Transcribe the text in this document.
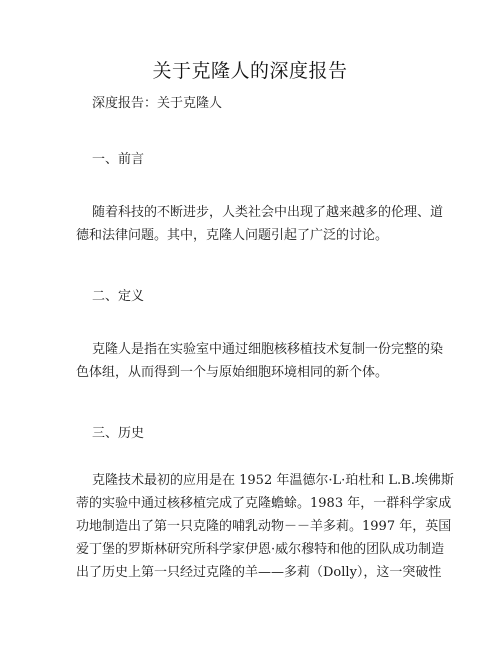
关于克隆人的深度报告
深度报告：关于克隆人
一、前言
随着科技的不断进步，人类社会中出现了越来越多的伦理、道
德和法律问题。其中，克隆人问题引起了广泛的讨论。
二、定义
克隆人是指在实验室中通过细胞核移植技术复制一份完整的染
色体组，从而得到一个与原始细胞环境相同的新个体。
三、历史
克隆技术最初的应用是在 1952 年温德尔·L·珀杜和 L.B.埃佛斯
蒂的实验中通过核移植完成了克隆蟾蜍。1983 年，一群科学家成
功地制造出了第一只克隆的哺乳动物－－羊多莉。1997 年，英国
爱丁堡的罗斯林研究所科学家伊恩·威尔穆特和他的团队成功制造
出了历史上第一只经过克隆的羊——多莉（Dolly），这一突破性
